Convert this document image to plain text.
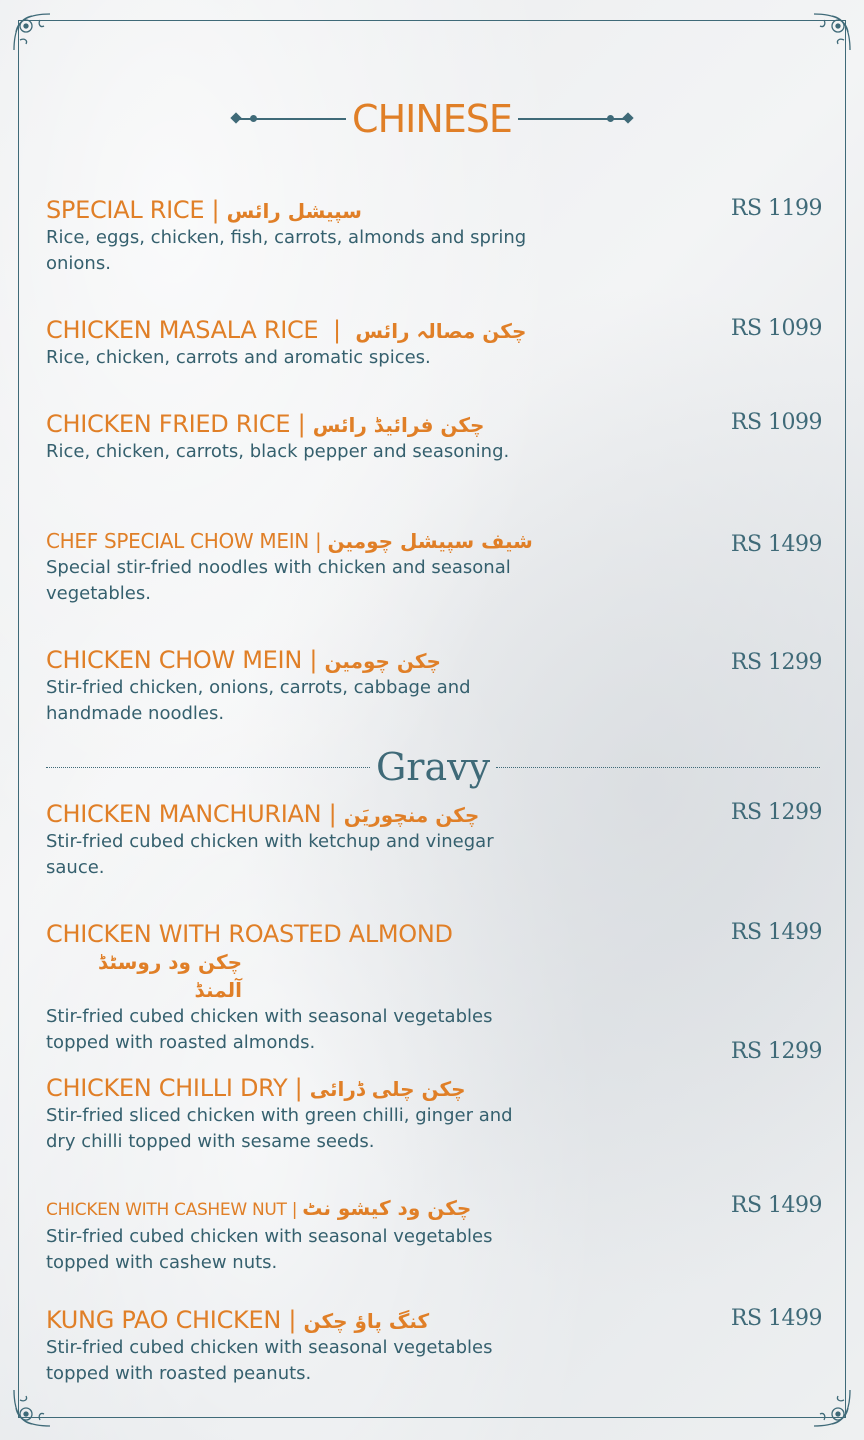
CHINESE
SPECIAL RICE | سپیشل رائس
Rice, eggs, chicken, fish, carrots, almonds and spring onions.
RS 1199
CHICKEN MASALA RICE  |  چکن مصالہ رائس
Rice, chicken, carrots and aromatic spices.
RS 1099
CHICKEN FRIED RICE | چکن فرائیڈ رائس
Rice, chicken, carrots, black pepper and seasoning.
RS 1099
CHEF SPECIAL CHOW MEIN | شیف سپیشل چومین
Special stir-fried noodles with chicken and seasonal vegetables.
RS 1499
CHICKEN CHOW MEIN | چکن چومین
Stir-fried chicken, onions, carrots, cabbage and handmade noodles.
RS 1299
Gravy
CHICKEN MANCHURIAN | چکن منچوریَن
Stir-fried cubed chicken with ketchup and vinegar sauce.
RS 1299
CHICKEN WITH ROASTED ALMOND
چکن ود روسٹڈ آلمنڈ
Stir-fried cubed chicken with seasonal vegetables topped with roasted almonds.
RS 1499
CHICKEN CHILLI DRY | چکن چلی ڈرائی
Stir-fried sliced chicken with green chilli, ginger and dry chilli topped with sesame seeds.
RS 1299
CHICKEN WITH CASHEW NUT | چکن ود کیشو نٹ
Stir-fried cubed chicken with seasonal vegetables topped with cashew nuts.
RS 1499
KUNG PAO CHICKEN | کنگ پاؤ چکن
Stir-fried cubed chicken with seasonal vegetables topped with roasted peanuts.
RS 1499
